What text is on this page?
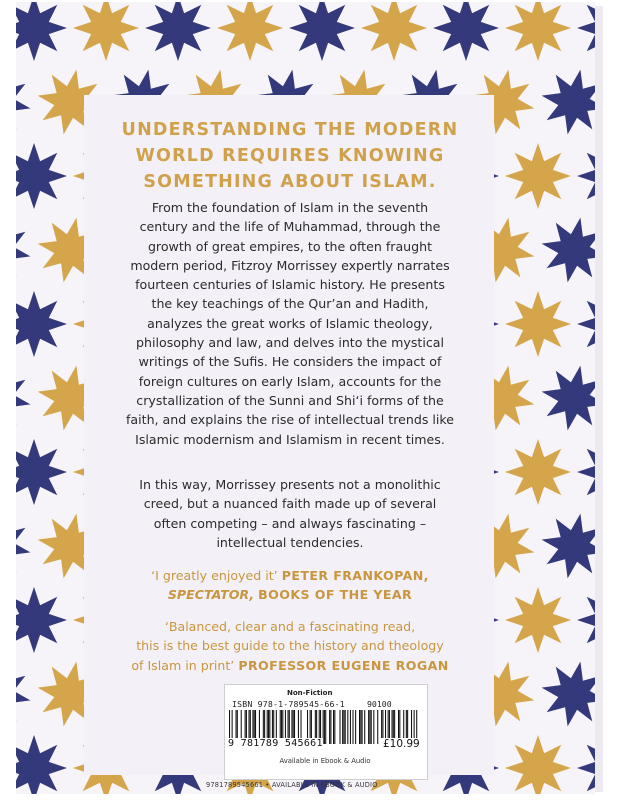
UNDERSTANDING THE MODERN
WORLD REQUIRES KNOWING
SOMETHING ABOUT ISLAM.
From the foundation of Islam in the seventh
century and the life of Muhammad, through the
growth of great empires, to the often fraught
modern period, Fitzroy Morrissey expertly narrates
fourteen centuries of Islamic history. He presents
the key teachings of the Qur’an and Hadith,
analyzes the great works of Islamic theology,
philosophy and law, and delves into the mystical
writings of the Sufis. He considers the impact of
foreign cultures on early Islam, accounts for the
crystallization of the Sunni and Shi‘i forms of the
faith, and explains the rise of intellectual trends like
Islamic modernism and Islamism in recent times.
In this way, Morrissey presents not a monolithic
creed, but a nuanced faith made up of several
often competing – and always fascinating –
intellectual tendencies.
‘I greatly enjoyed it’ PETER FRANKOPAN,
SPECTATOR, BOOKS OF THE YEAR
‘Balanced, clear and a fascinating read,
this is the best guide to the history and theology
of Islam in print’ PROFESSOR EUGENE ROGAN
Non-Fiction
ISBN 978-1-789545-66-1	90100
9 781789 545661	£10.99
Available in Ebook & Audio
9781789545661 • AVAILABLE IN EBOOK & AUDIO
